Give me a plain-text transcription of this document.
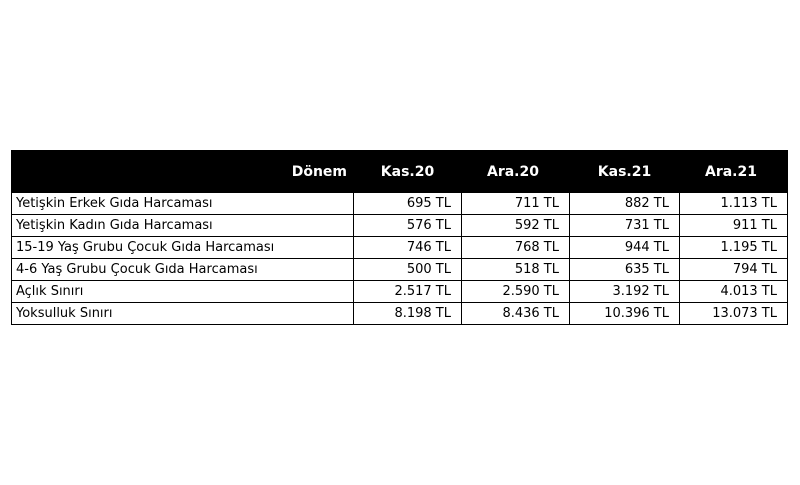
Dönem	Kas.20	Ara.20	Kas.21	Ara.21
Yetişkin Erkek Gıda Harcaması	695 TL	711 TL	882 TL	1.113 TL
Yetişkin Kadın Gıda Harcaması	576 TL	592 TL	731 TL	911 TL
15-19 Yaş Grubu Çocuk Gıda Harcaması	746 TL	768 TL	944 TL	1.195 TL
4-6 Yaş Grubu Çocuk Gıda Harcaması	500 TL	518 TL	635 TL	794 TL
Açlık Sınırı	2.517 TL	2.590 TL	3.192 TL	4.013 TL
Yoksulluk Sınırı	8.198 TL	8.436 TL	10.396 TL	13.073 TL
